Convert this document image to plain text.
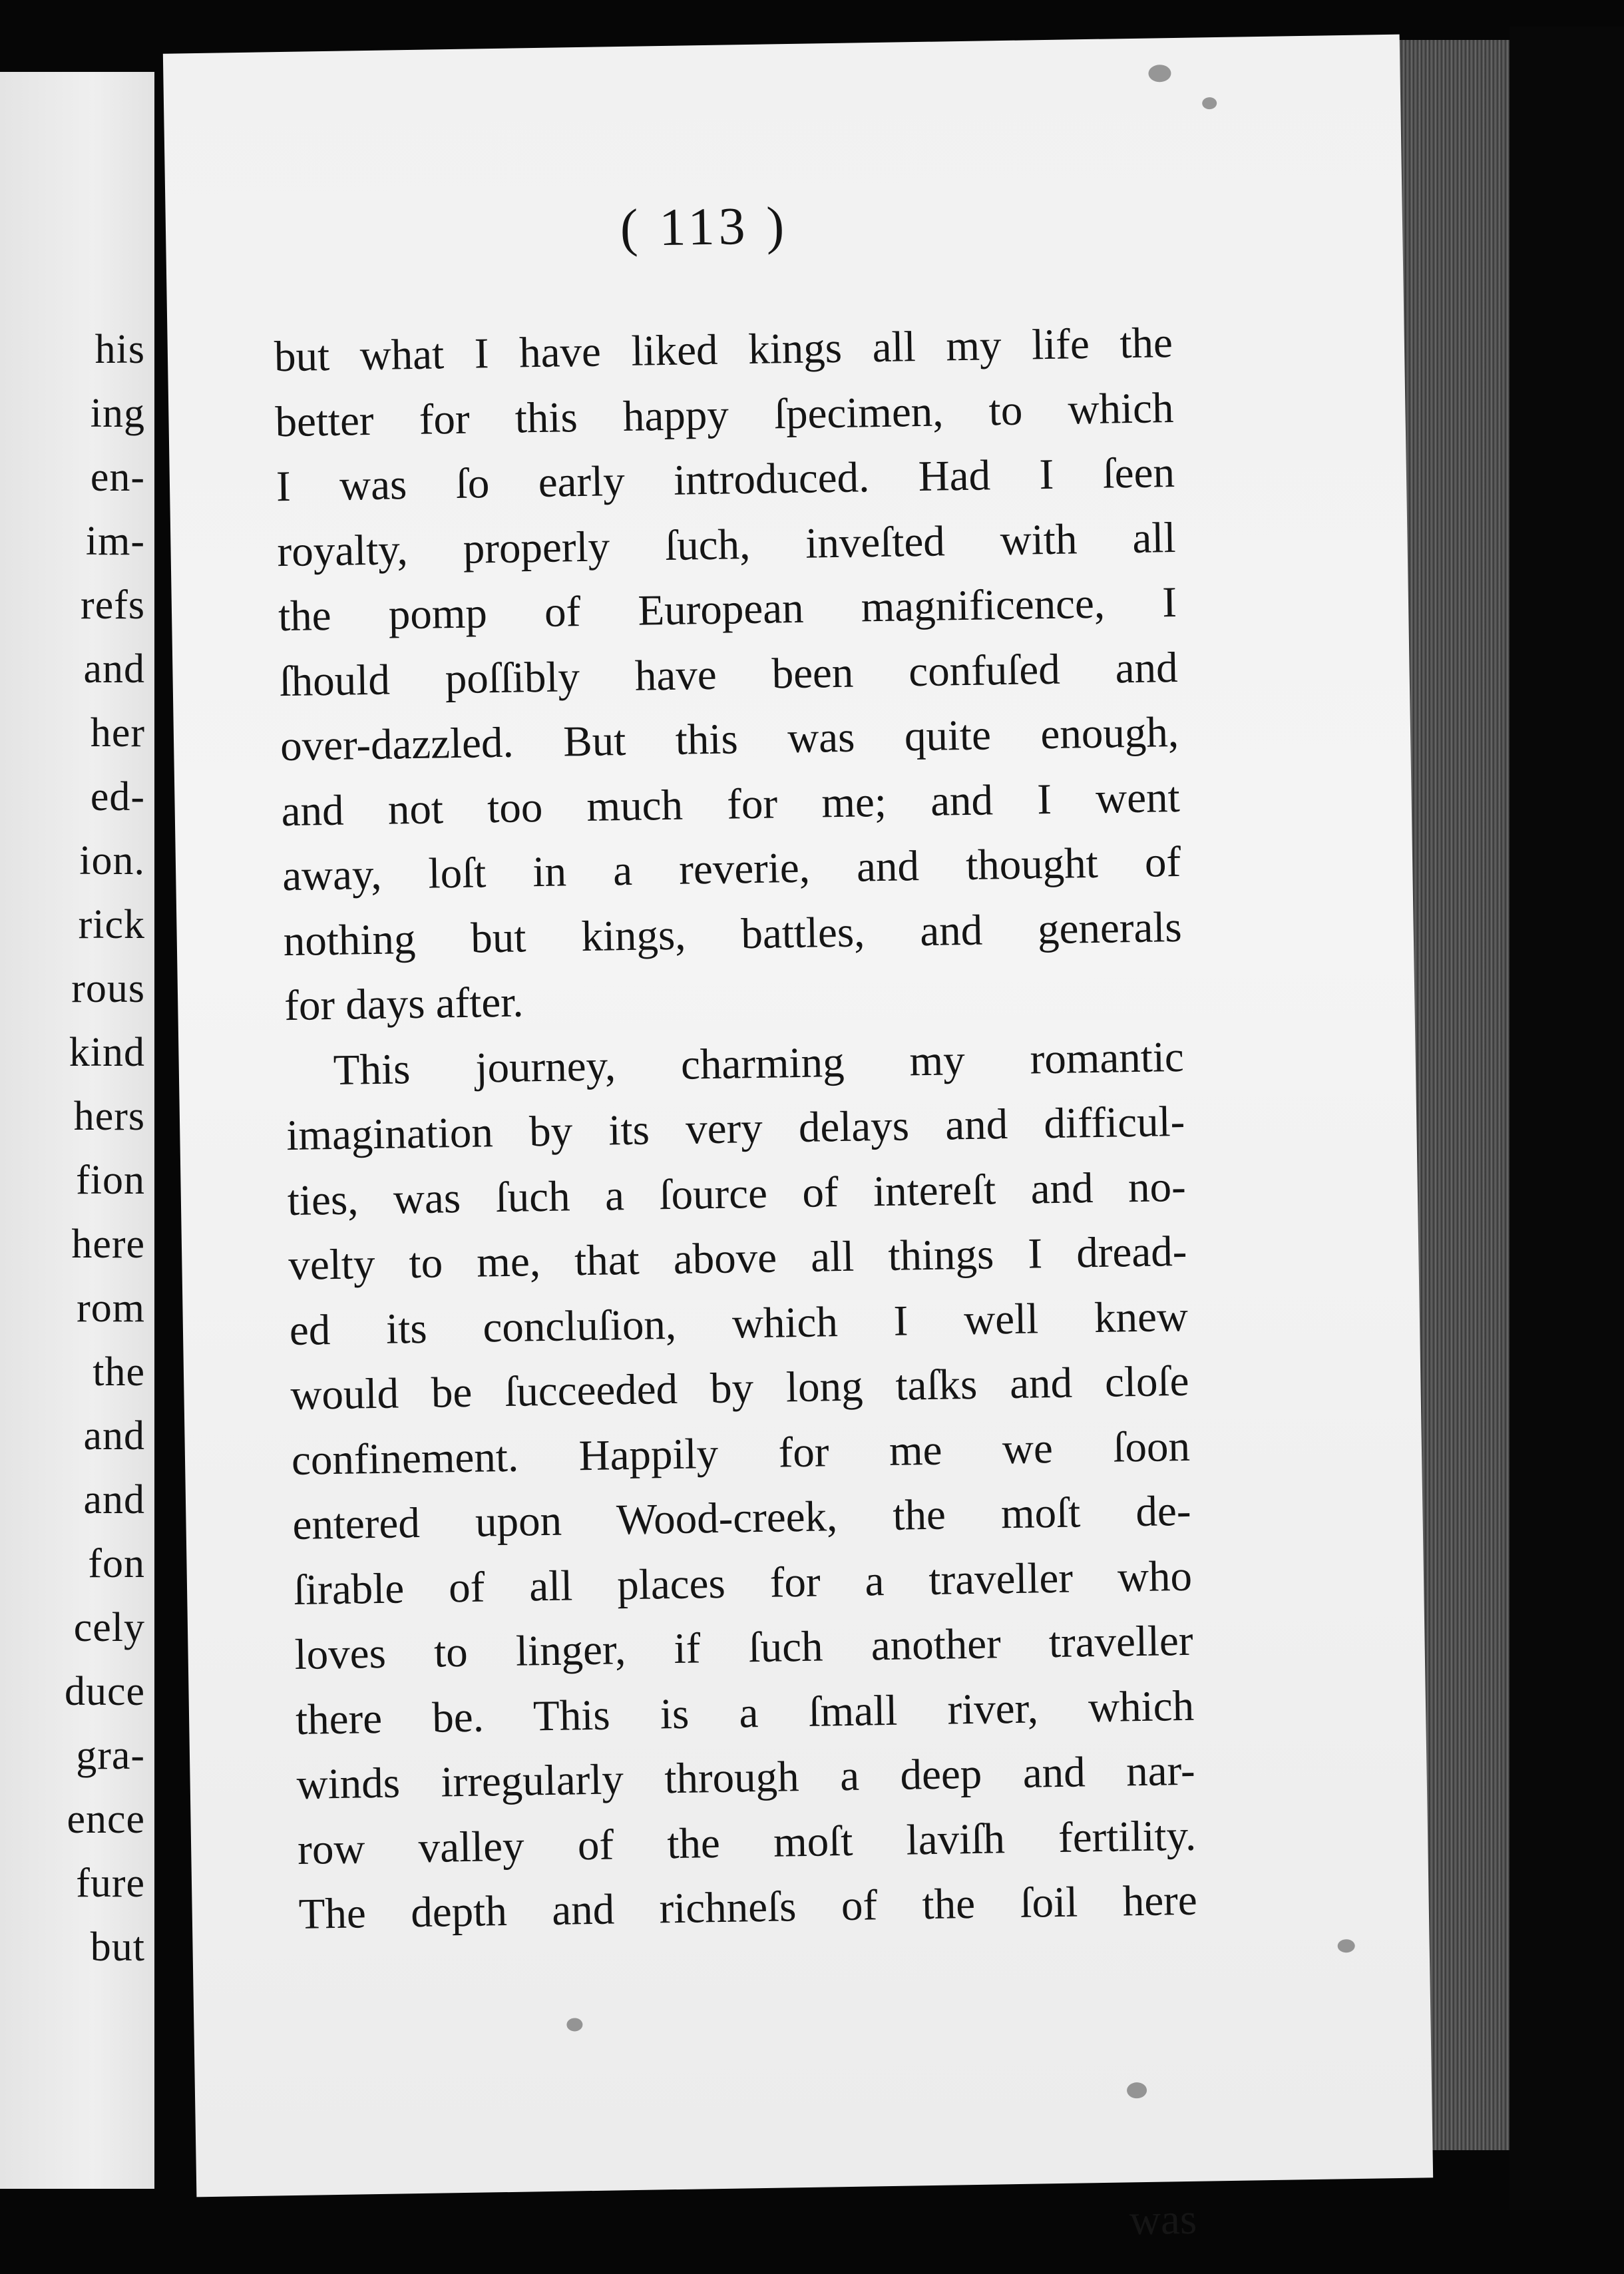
his

ing

en-

im-

refs

and

her

ed-

ion.

rick

rous

kind

hers

fion

here

rom

the

and

and

fon

cely

duce

gra-

ence

fure

but

( 113 )

but what I have liked kings all my life the
better for this happy ſpecimen, to which
I was ſo early introduced. Had I ſeen
royalty, properly ſuch, inveſted with all
the pomp of European magnificence, I
ſhould poſſibly have been confuſed and
over-dazzled. But this was quite enough,
and not too much for me; and I went
away, loſt in a reverie, and thought of
nothing but kings, battles, and generals
for days after.
This journey, charming my romantic
imagination by its very delays and difficul-
ties, was ſuch a ſource of intereſt and no-
velty to me, that above all things I dread-
ed its concluſion, which I well knew
would be ſucceeded by long taſks and cloſe
confinement. Happily for me we ſoon
entered upon Wood-creek, the moſt de-
ſirable of all places for a traveller who
loves to linger, if ſuch another traveller
there be. This is a ſmall river, which
winds irregularly through a deep and nar-
row valley of the moſt laviſh fertility.
The depth and richneſs of the ſoil here

was
